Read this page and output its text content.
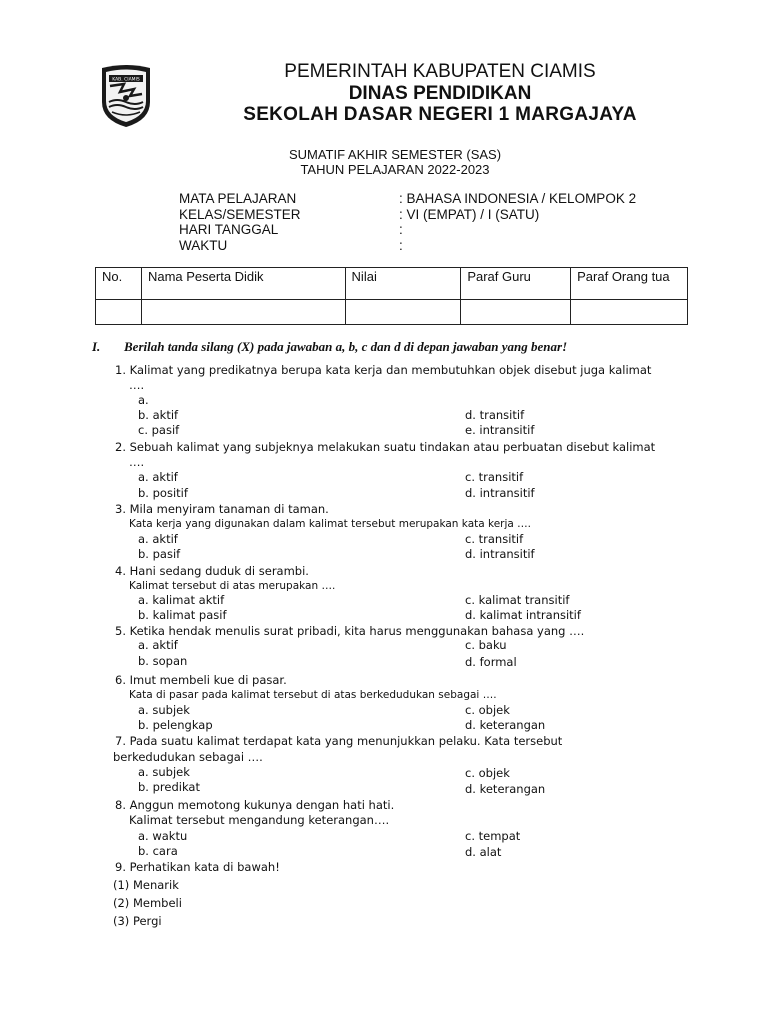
KAB. CIAMIS	PEMERINTAH KABUPATEN CIAMIS
DINAS PENDIDIKAN
SEKOLAH DASAR NEGERI 1 MARGAJAYA
SUMATIF AKHIR SEMESTER (SAS)
TAHUN PELAJARAN 2022-2023
MATA PELAJARAN	: BAHASA INDONESIA / KELOMPOK 2
KELAS/SEMESTER	: VI (EMPAT) / I (SATU)
HARI TANGGAL	:
WAKTU	:
No.	Nama Peserta Didik	Nilai	Paraf Guru	Paraf Orang tua

I.	Berilah tanda silang (X) pada jawaban a, b, c dan d di depan jawaban yang benar!
1. Kalimat yang predikatnya berupa kata kerja dan membutuhkan objek disebut juga kalimat
….
a.
b. aktif	d. transitif
c. pasif	e. intransitif
2. Sebuah kalimat yang subjeknya melakukan suatu tindakan atau perbuatan disebut kalimat
….
a. aktif	c. transitif
b. positif	d. intransitif
3. Mila menyiram tanaman di taman.
Kata kerja yang digunakan dalam kalimat tersebut merupakan kata kerja ….
a. aktif	c. transitif
b. pasif	d. intransitif
4. Hani sedang duduk di serambi.
Kalimat tersebut di atas merupakan ….
a. kalimat aktif	c. kalimat transitif
b. kalimat pasif	d. kalimat intransitif
5. Ketika hendak menulis surat pribadi, kita harus menggunakan bahasa yang ….
a. aktif	c. baku
b. sopan	d. formal
6. Imut membeli kue di pasar.
Kata di pasar pada kalimat tersebut di atas berkedudukan sebagai ….
a. subjek	c. objek
b. pelengkap	d. keterangan
7. Pada suatu kalimat terdapat kata yang menunjukkan pelaku. Kata tersebut
berkedudukan sebagai ….
a. subjek	c. objek
b. predikat	d. keterangan
8. Anggun memotong kukunya dengan hati hati.
Kalimat tersebut mengandung keterangan….
a. waktu	c. tempat
b. cara	d. alat
9. Perhatikan kata di bawah!
(1) Menarik
(2) Membeli
(3) Pergi
